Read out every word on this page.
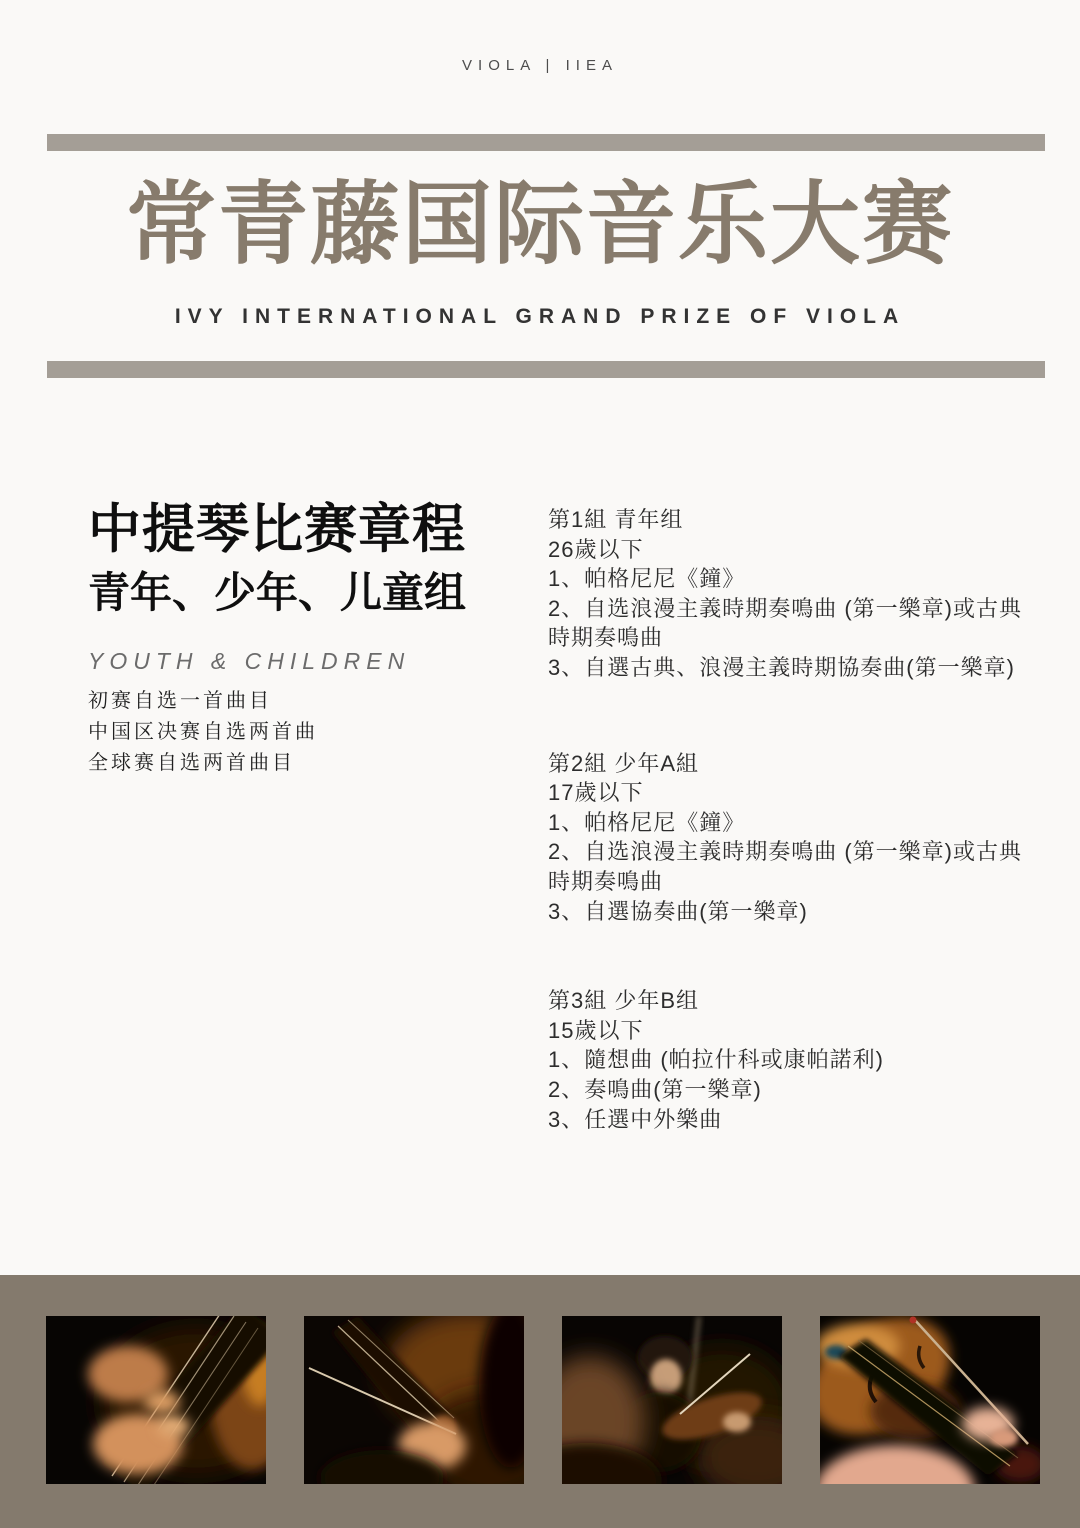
VIOLA | IIEA
常青藤国际音乐大赛
IVY INTERNATIONAL GRAND PRIZE OF VIOLA
中提琴比赛章程
青年、少年、儿童组
YOUTH & CHILDREN
初赛自选一首曲目
中国区决赛自选两首曲
全球赛自选两首曲目
第1組 青年组
26歲以下
1、帕格尼尼《鐘》
2、自选浪漫主義時期奏鳴曲 (第一樂章)或古典
時期奏鳴曲
3、自選古典、浪漫主義時期協奏曲(第一樂章)
第2組 少年A組
17歲以下
1、帕格尼尼《鐘》
2、自选浪漫主義時期奏鳴曲 (第一樂章)或古典
時期奏鳴曲
3、自選協奏曲(第一樂章)
第3組 少年B组
15歲以下
1、隨想曲 (帕拉什科或康帕諾利)
2、奏鳴曲(第一樂章)
3、任選中外樂曲
